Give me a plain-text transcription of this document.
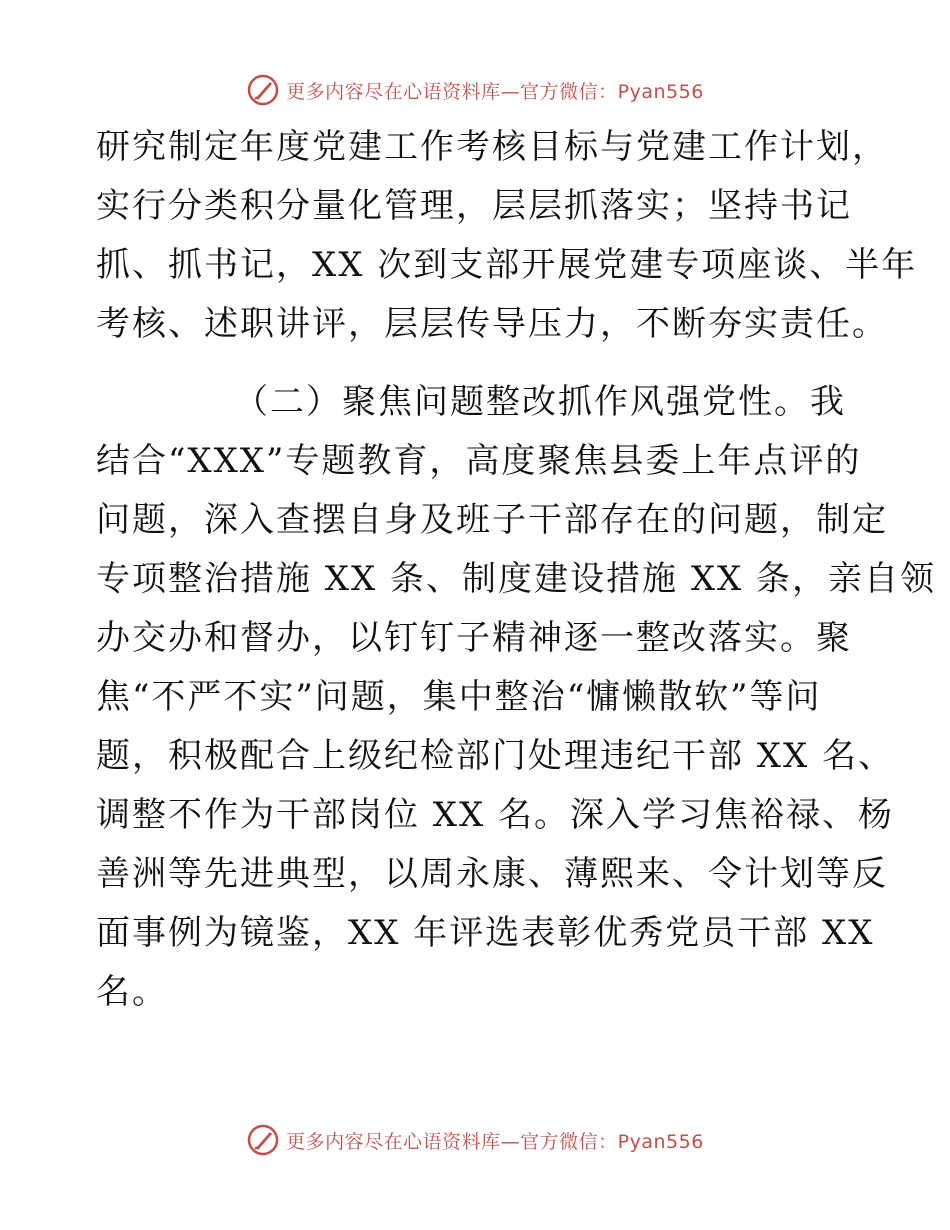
更多内容尽在心语资料库—官方微信：Pyan556
研究制定年度党建工作考核目标与党建工作计划，
实行分类积分量化管理，层层抓落实；坚持书记
抓、抓书记，XX 次到支部开展党建专项座谈、半年
考核、述职讲评，层层传导压力，不断夯实责任。
（二）聚焦问题整改抓作风强党性。我
结合“XXX”专题教育，高度聚焦县委上年点评的
问题，深入查摆自身及班子干部存在的问题，制定
专项整治措施 XX 条、制度建设措施 XX 条，亲自领
办交办和督办，以钉钉子精神逐一整改落实。聚
焦“不严不实”问题，集中整治“慵懒散软”等问
题，积极配合上级纪检部门处理违纪干部 XX 名、
调整不作为干部岗位 XX 名。深入学习焦裕禄、杨
善洲等先进典型，以周永康、薄熙来、令计划等反
面事例为镜鉴，XX 年评选表彰优秀党员干部 XX
名。
更多内容尽在心语资料库—官方微信：Pyan556
